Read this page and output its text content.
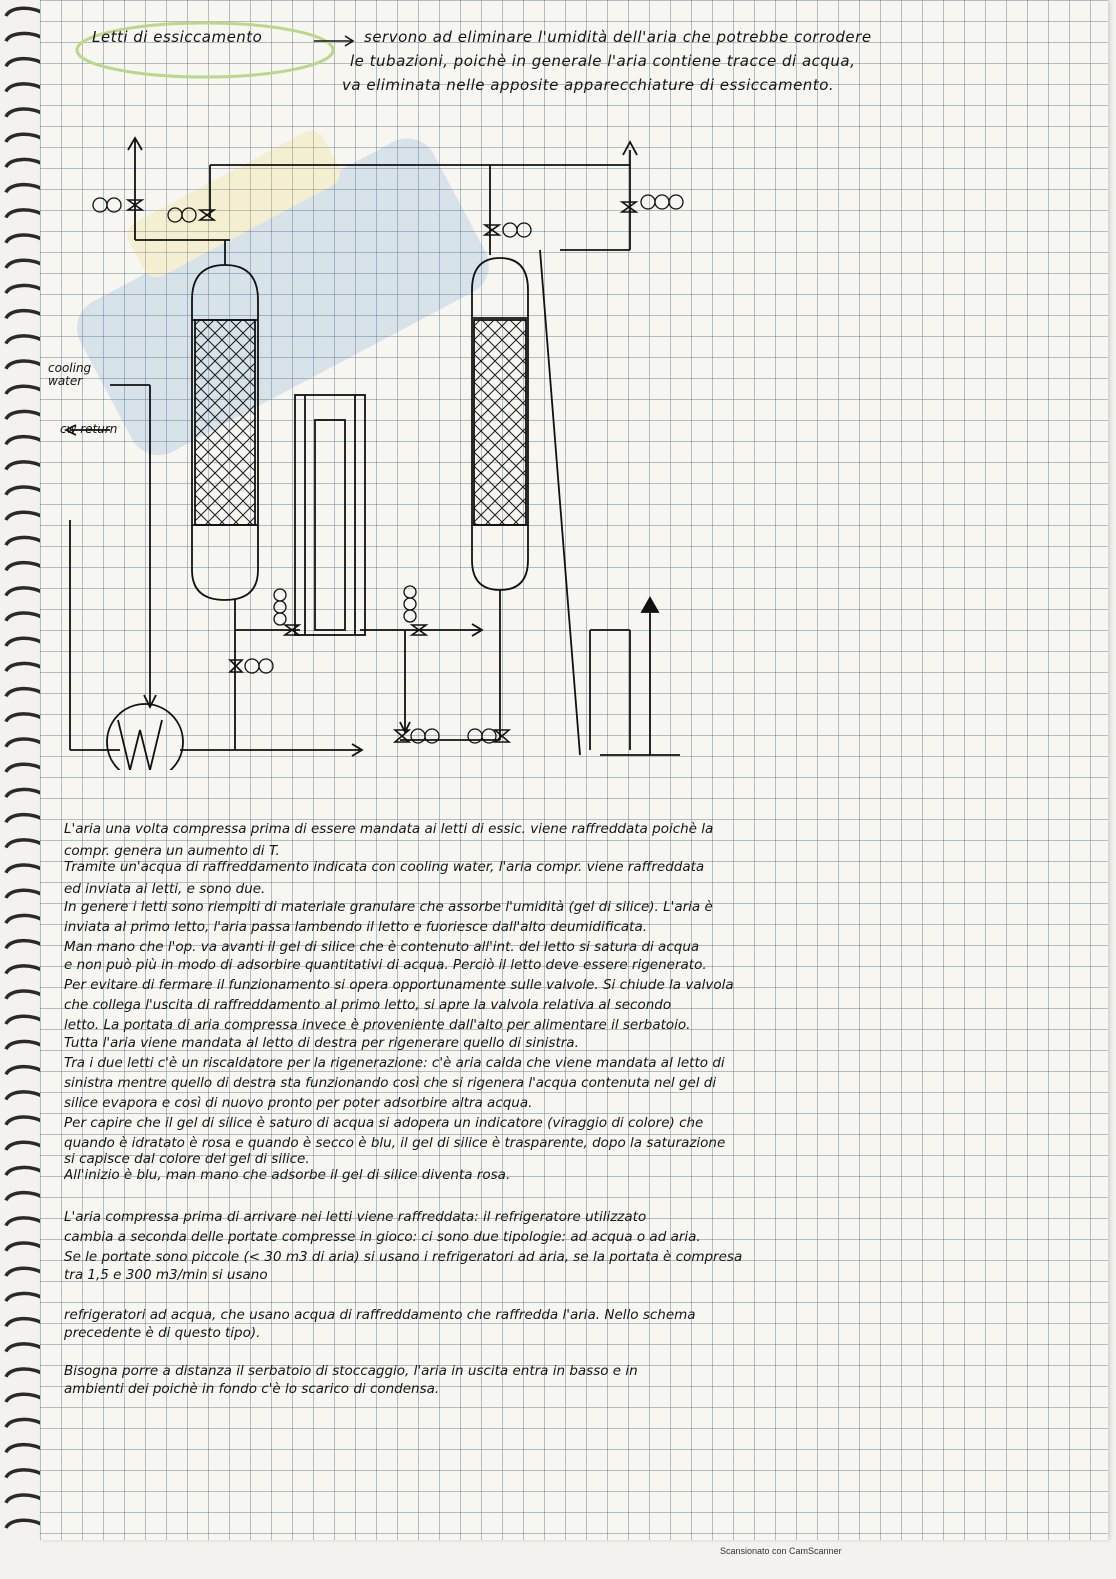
Letti di essiccamento	servono ad eliminare l'umidità dell'aria che potrebbe corrodere
le tubazioni, poichè in generale l'aria contiene tracce di acqua,
va eliminata nelle apposite apparecchiature di essiccamento.
cooling water
cw return
L'aria una volta compressa prima di essere mandata ai letti di essic. viene raffreddata poichè la
compr. genera un aumento di T.
Tramite un'acqua di raffreddamento indicata con cooling water, l'aria compr. viene raffreddata
ed inviata ai letti, e sono due.
In genere i letti sono riempiti di materiale granulare che assorbe l'umidità (gel di silice). L'aria è
inviata al primo letto, l'aria passa lambendo il letto e fuoriesce dall'alto deumidificata.
Man mano che l'op. va avanti il gel di silice che è contenuto all'int. del letto si satura di acqua
e non può più in modo di adsorbire quantitativi di acqua. Perciò il letto deve essere rigenerato.
Per evitare di fermare il funzionamento si opera opportunamente sulle valvole. Si chiude la valvola
che collega l'uscita di raffreddamento al primo letto, si apre la valvola relativa al secondo
letto. La portata di aria compressa invece è proveniente dall'alto per alimentare il serbatoio.
Tutta l'aria viene mandata al letto di destra per rigenerare quello di sinistra.
Tra i due letti c'è un riscaldatore per la rigenerazione: c'è aria calda che viene mandata al letto di
sinistra mentre quello di destra sta funzionando così che si rigenera l'acqua contenuta nel gel di
silice evapora e così di nuovo pronto per poter adsorbire altra acqua.
Per capire che il gel di silice è saturo di acqua si adopera un indicatore (viraggio di colore) che
quando è idratato è rosa e quando è secco è blu, il gel di silice è trasparente, dopo la saturazione
si capisce dal colore del gel di silice.
All'inizio è blu, man mano che adsorbe il gel di silice diventa rosa.
L'aria compressa prima di arrivare nei letti viene raffreddata: il refrigeratore utilizzato
cambia a seconda delle portate compresse in gioco: ci sono due tipologie: ad acqua o ad aria.
Se le portate sono piccole (< 30 m3 di aria) si usano i refrigeratori ad aria, se la portata è compresa
tra 1,5 e 300 m3/min si usano
refrigeratori ad acqua, che usano acqua di raffreddamento che raffredda l'aria. Nello schema
precedente è di questo tipo).
Bisogna porre a distanza il serbatoio di stoccaggio, l'aria in uscita entra in basso e in
ambienti dei poichè in fondo c'è lo scarico di condensa.
Scansionato con CamScanner
